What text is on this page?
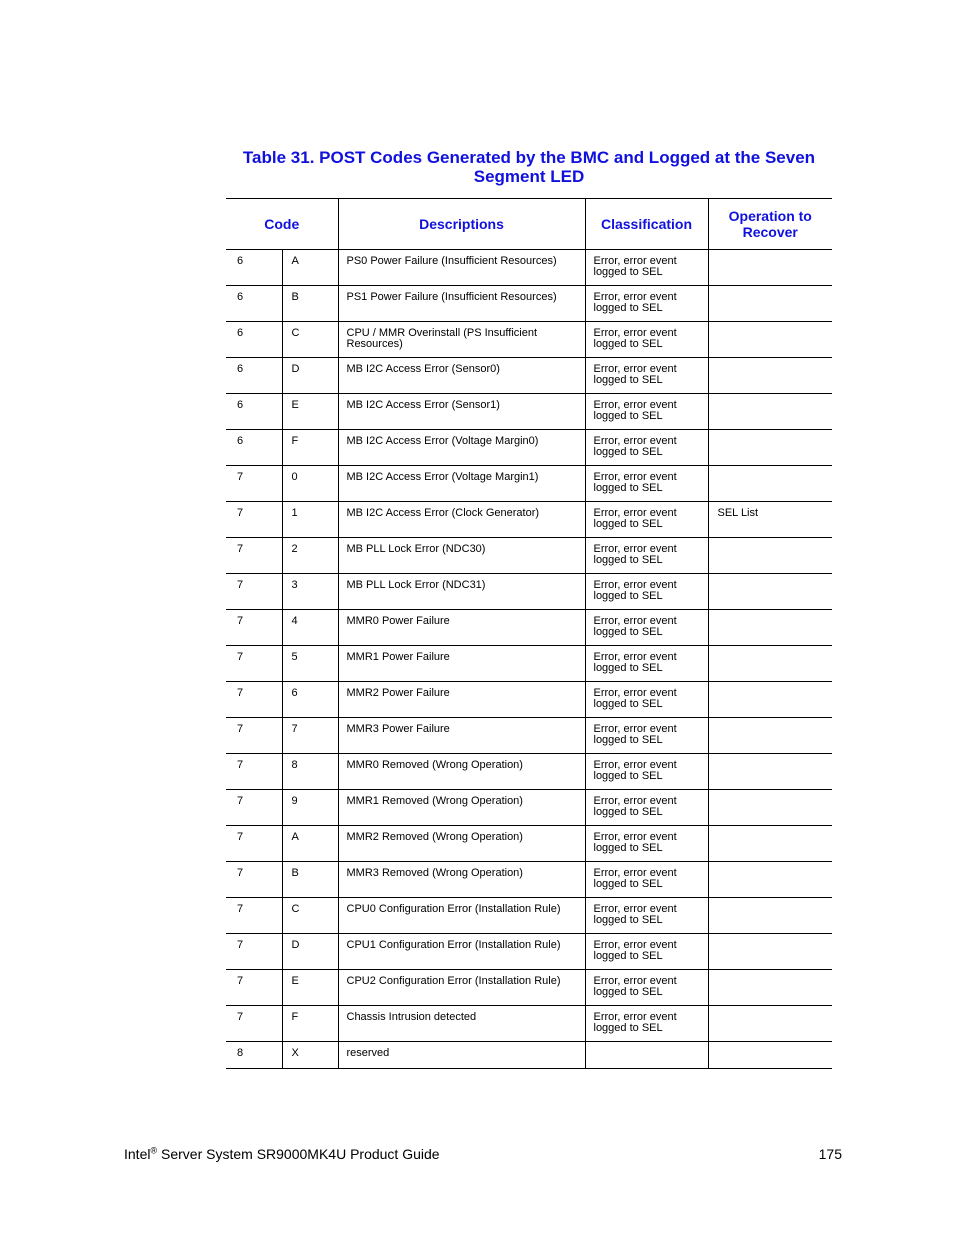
Table 31. POST Codes Generated by the BMC and Logged at the Seven Segment LED
Code		Descriptions	Classification	Operation to Recover
6	A	PS0 Power Failure (Insufficient Resources)	Error, error event logged to SEL	
6	B	PS1 Power Failure (Insufficient Resources)	Error, error event logged to SEL	
6	C	CPU / MMR Overinstall (PS Insufficient Resources)	Error, error event logged to SEL	
6	D	MB I2C Access Error (Sensor0)	Error, error event logged to SEL	
6	E	MB I2C Access Error (Sensor1)	Error, error event logged to SEL	
6	F	MB I2C Access Error (Voltage Margin0)	Error, error event logged to SEL	
7	0	MB I2C Access Error (Voltage Margin1)	Error, error event logged to SEL	
7	1	MB I2C Access Error (Clock Generator)	Error, error event logged to SEL	SEL List
7	2	MB PLL Lock Error (NDC30)	Error, error event logged to SEL	
7	3	MB PLL Lock Error (NDC31)	Error, error event logged to SEL	
7	4	MMR0 Power Failure	Error, error event logged to SEL	
7	5	MMR1 Power Failure	Error, error event logged to SEL	
7	6	MMR2 Power Failure	Error, error event logged to SEL	
7	7	MMR3 Power Failure	Error, error event logged to SEL	
7	8	MMR0 Removed (Wrong Operation)	Error, error event logged to SEL	
7	9	MMR1 Removed (Wrong Operation)	Error, error event logged to SEL	
7	A	MMR2 Removed (Wrong Operation)	Error, error event logged to SEL	
7	B	MMR3 Removed (Wrong Operation)	Error, error event logged to SEL	
7	C	CPU0 Configuration Error (Installation Rule)	Error, error event logged to SEL	
7	D	CPU1 Configuration Error (Installation Rule)	Error, error event logged to SEL	
7	E	CPU2 Configuration Error (Installation Rule)	Error, error event logged to SEL	
7	F	Chassis Intrusion detected	Error, error event logged to SEL	
8	X	reserved		
Intel® Server System SR9000MK4U Product Guide	175
